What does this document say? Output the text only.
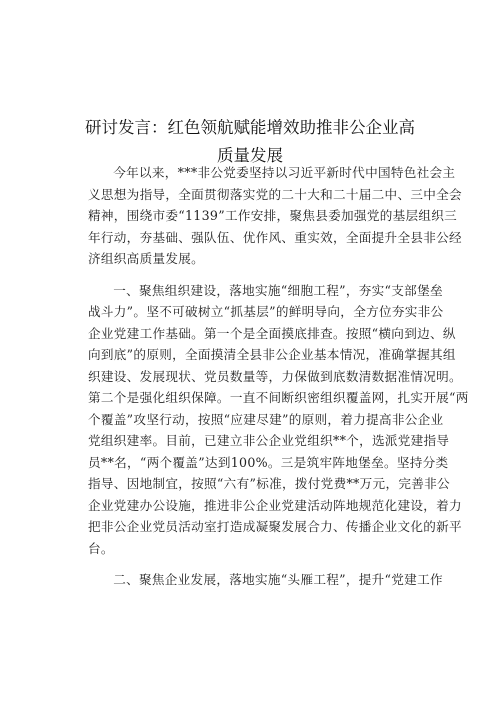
研讨发言：红色领航赋能增效助推非公企业高
质量发展

今年以来，***非公党委坚持以习近平新时代中国特色社会主

义思想为指导，全面贯彻落实党的二十大和二十届二中、三中全会

精神，围绕市委“1139”工作安排，聚焦县委加强党的基层组织三

年行动，夯基础、强队伍、优作风、重实效，全面提升全县非公经

济组织高质量发展。

一、聚焦组织建设，落地实施“细胞工程”，夯实“支部堡垒

战斗力”。坚不可破树立“抓基层”的鲜明导向，全方位夯实非公

企业党建工作基础。第一个是全面摸底排查。按照“横向到边、纵

向到底”的原则，全面摸清全县非公企业基本情况，准确掌握其组

织建设、发展现状、党员数量等，力保做到底数清数据准情况明。

第二个是强化组织保障。一直不间断织密组织覆盖网，扎实开展“两

个覆盖”攻坚行动，按照“应建尽建”的原则，着力提高非公企业

党组织建率。目前，已建立非公企业党组织**个，选派党建指导

员**名，“两个覆盖”达到100%。三是筑牢阵地堡垒。坚持分类

指导、因地制宜，按照“六有”标准，拨付党费**万元，完善非公

企业党建办公设施，推进非公企业党建活动阵地规范化建设，着力

把非公企业党员活动室打造成凝聚发展合力、传播企业文化的新平

台。

二、聚焦企业发展，落地实施“头雁工程”，提升“党建工作
